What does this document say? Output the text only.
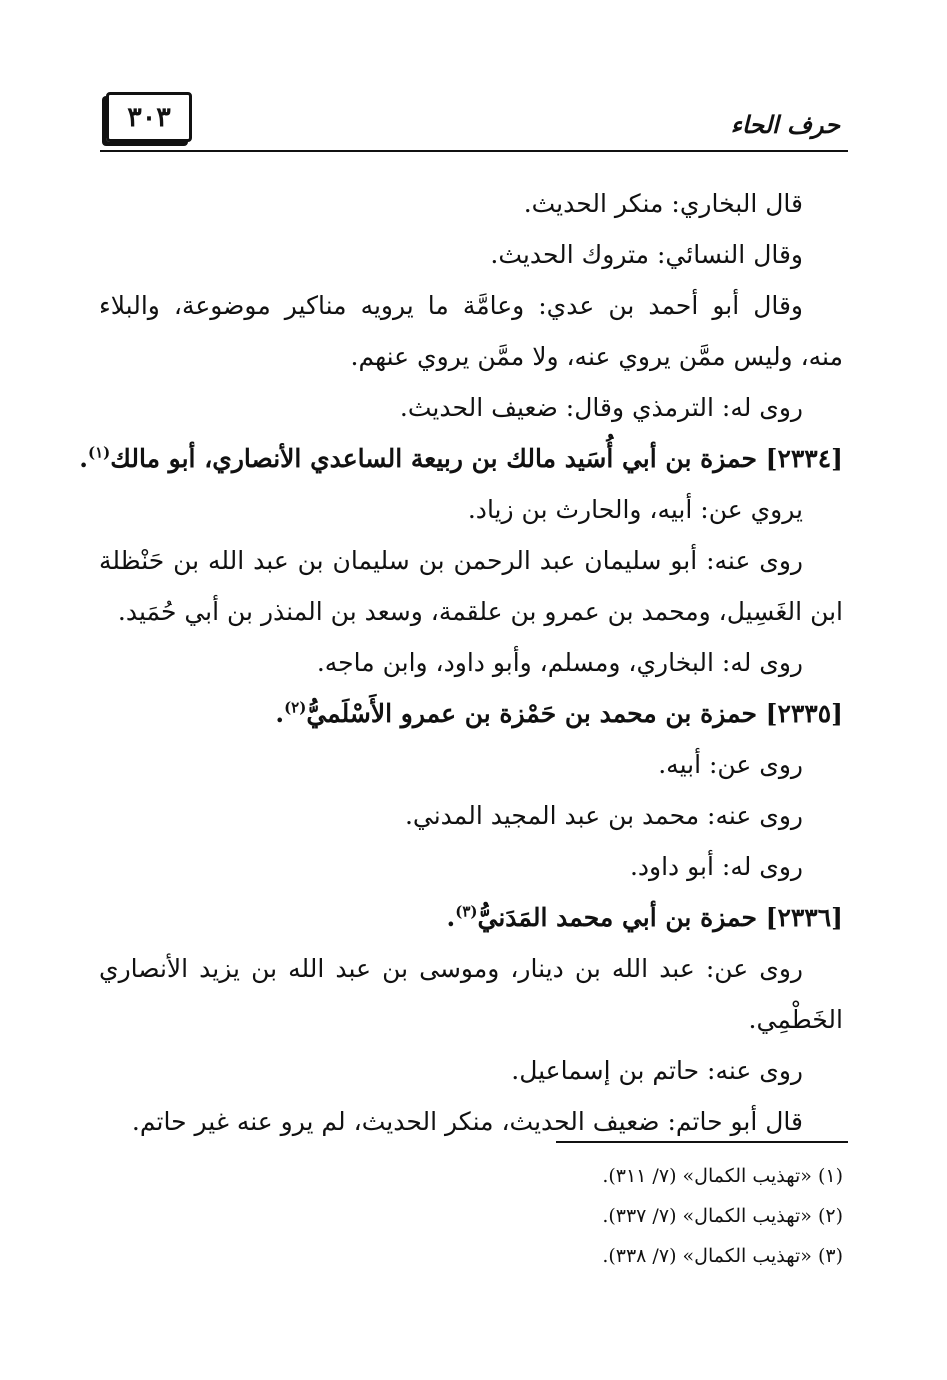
٣٠٣	حرف الحاء
قال البخاري: منكر الحديث.
وقال النسائي: متروك الحديث.
وقال أبو أحمد بن عدي: وعامَّة ما يرويه مناكير موضوعة، والبلاء
منه، وليس ممَّن يروي عنه، ولا ممَّن يروي عنهم.
روى له: الترمذي وقال: ضعيف الحديث.
[٢٣٣٤] حمزة بن أبي أُسَيد مالك بن ربيعة الساعدي الأنصاري، أبو مالك$^{(١)}$.
يروي عن: أبيه، والحارث بن زياد.
روى عنه: أبو سليمان عبد الرحمن بن سليمان بن عبد الله بن حَنْظلة
ابن الغَسِيل، ومحمد بن عمرو بن علقمة، وسعد بن المنذر بن أبي حُمَيد.
روى له: البخاري، ومسلم، وأبو داود، وابن ماجه.
[٢٣٣٥] حمزة بن محمد بن حَمْزة بن عمرو الأَسْلَميُّ$^{(٢)}$.
روى عن: أبيه.
روى عنه: محمد بن عبد المجيد المدني.
روى له: أبو داود.
[٢٣٣٦] حمزة بن أبي محمد المَدَنيُّ$^{(٣)}$.
روى عن: عبد الله بن دينار، وموسى بن عبد الله بن يزيد الأنصاري
الخَطْمِي.
روى عنه: حاتم بن إسماعيل.
قال أبو حاتم: ضعيف الحديث، منكر الحديث، لم يرو عنه غير حاتم.
(١) «تهذيب الكمال» (٧/ ٣١١).
(٢) «تهذيب الكمال» (٧/ ٣٣٧).
(٣) «تهذيب الكمال» (٧/ ٣٣٨).
